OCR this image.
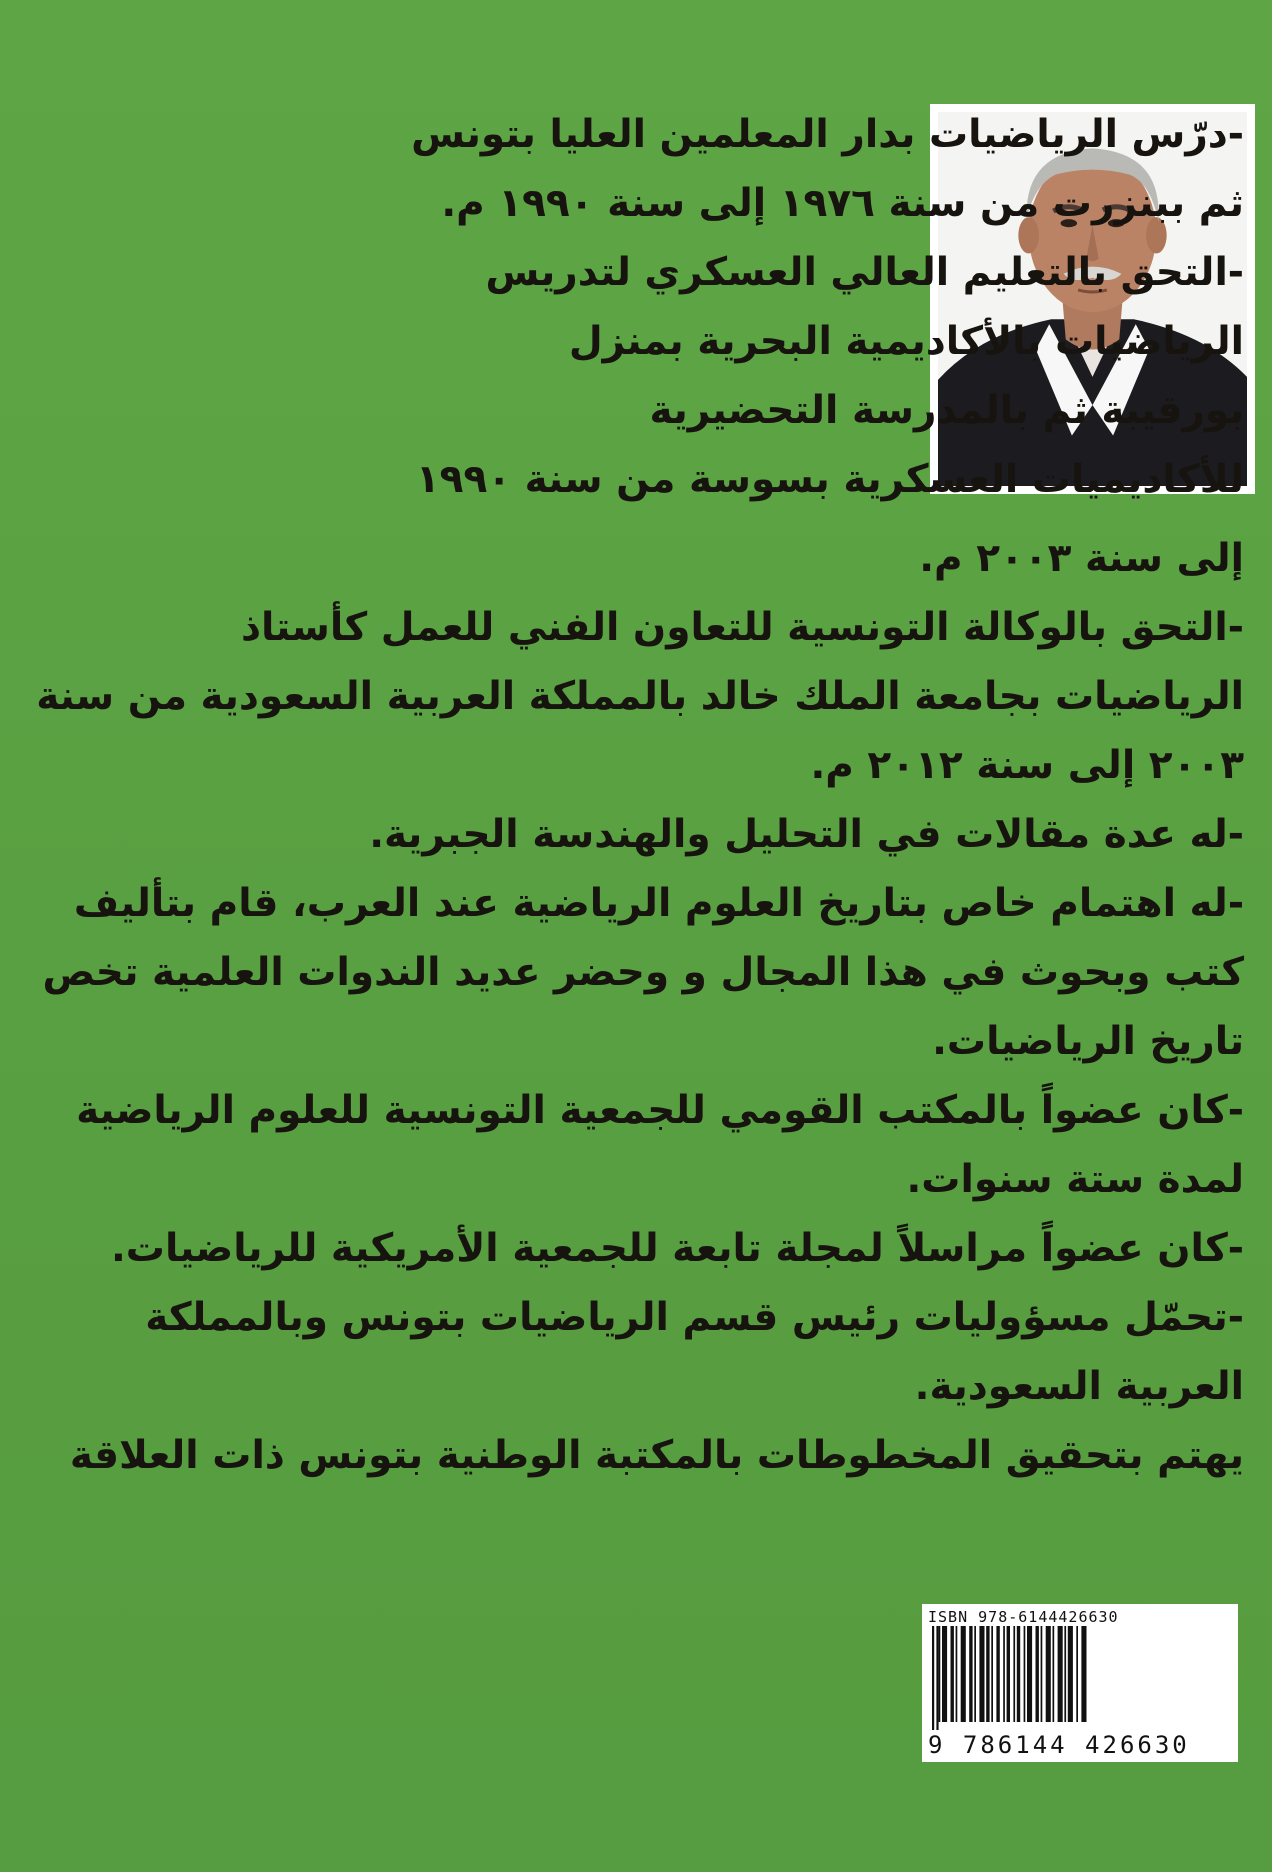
-درّس الرياضيات بدار المعلمين العليا بتونس
ثم ببنزرت من سنة ١٩٧٦ إلى سنة ١٩٩٠ م.
-التحق بالتعليم العالي العسكري لتدريس
الرياضيات بالأكاديمية البحرية بمنزل
بورقيبة ثم بالمدرسة التحضيرية
للأكاديميات العسكرية بسوسة من سنة ١٩٩٠
إلى سنة ٢٠٠٣ م.
-التحق بالوكالة التونسية للتعاون الفني للعمل كأستاذ
الرياضيات بجامعة الملك خالد بالمملكة العربية السعودية من سنة
٢٠٠٣ إلى سنة ٢٠١٢ م.
-له عدة مقالات في التحليل والهندسة الجبرية.
-له اهتمام خاص بتاريخ العلوم الرياضية عند العرب، قام بتأليف
كتب وبحوث في هذا المجال و وحضر عديد الندوات العلمية تخص
تاريخ الرياضيات.
-كان عضواً بالمكتب القومي للجمعية التونسية للعلوم الرياضية
لمدة ستة سنوات.
-كان عضواً مراسلاً لمجلة تابعة للجمعية الأمريكية للرياضيات.
-تحمّل مسؤوليات رئيس قسم الرياضيات بتونس وبالمملكة
العربية السعودية.
يهتم بتحقيق المخطوطات بالمكتبة الوطنية بتونس ذات العلاقة
ISBN 978-6144426630
9 786144 426630
